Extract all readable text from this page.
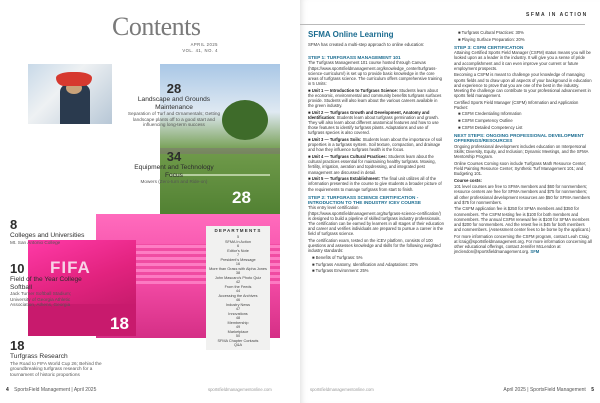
Contents
APRIL 2025
VOL. 41, NO. 4
28
FIFA
18
28
Landscape and Grounds Maintenance
Separation of Turf and Ornamentals; Getting landscape plants off to a good start and influencing long-term success
34
Equipment and Technology Focus
Mowers (Zero-turn and Ride-on)
8
Colleges and Universities
Mt. San Antonio College
10
Field of the Year College Softball
Jack Turner Softball Stadium; University of Georgia Athletic Association, Athens, Georgia
18
Turfgrass Research
The Road to FIFA World Cup 26; Behind the groundbreaking turfgrass research for a tournament of historic proportions
DEPARTMENTS
5
SFMA In Action
6
Editor's Note
7
President's Message
16
More than Grass with Alpha Jones
38
John Mascaro's Photo Quiz
42
From the Feeds
44
Accessing the Archives
46
Industry News
47
Innovations
48
Membership
49
Marketplace
50
SFMA Chapter Contacts
Q&A
4 SportsField Management | April 2025	sportsfieldmanagementonline.com
SFMA IN ACTION
SFMA Online Learning
SFMA has created a multi-step approach to online education:
STEP 1: TURFGRASS MANAGEMENT 101

The Turfgrass Management 101 course hosted through Canvas (https://www.sportsfieldmanagement.org/knowledge_center/turfgrass-science-curriculum/) is set up to provide basic knowledge in the core areas of turfgrass science. The curriculum offers comprehensive training in 5 Units:

■ Unit 1 — Introduction to Turfgrass Science: Students learn about the economic, environmental and community benefits turfgrass surfaces provide. Students will also learn about the various careers available in the green industry.

■ Unit 2 — Turfgrass Growth and Development, Anatomy and Identification: Students learn about turfgrass germination and growth. They will also learn about different anatomical features and how to use those features to identify turfgrass plants. Adaptations and use of turfgrass species is also covered.

■ Unit 3 — Turfgrass Soils: Students learn about the importance of soil properties in a turfgrass system. Soil texture, compaction, and drainage and how they influence turfgrass health is the focus.

■ Unit 4 — Turfgrass Cultural Practices: Students learn about the cultural practices essential for maintaining healthy turfgrass. Mowing, fertility, irrigation, aeration and topdressing, and integrated pest management are discussed in detail.

■ Unit 5 — Turfgrass Establishment: The final unit utilizes all of the information presented in the course to give students a broader picture of the requirements to manage turfgrass from start to finish.

STEP 2: TURFGRASS SCIENCE CERTIFICATION - INTRODUCTION TO THE INDUSTRY ICEV COURSE

This entry level certification (https://www.sportsfieldmanagement.org/turfgrass-science-certification/) is designed to build a pipeline of skilled turfgrass industry professionals. The certification can be earned by learners in all stages of their education and career and verifies individuals are prepared to pursue a career in the field of turfgrass science.

The certification exam, tested on the iCEV platform, consists of 100 questions and assesses knowledge and skills for the following weighted industry standards:

■ Benefits of Turfgrass: 5%

■ Turfgrass Anatomy, Identification and Adaptations: 20%

■ Turfgrass Environment: 25%

■ Turfgrass Cultural Practices: 30%

■ Playing Surface Preparation: 20%

STEP 3: CSFM CERTIFICATION

Attaining Certified Sports Field Manager (CSFM) status means you will be looked upon as a leader in the industry. It will give you a sense of pride and accomplishment and it can even improve your current or future employment prospects.

Becoming a CSFM is meant to challenge your knowledge of managing sports fields and to draw upon all aspects of your background in education and experience to prove that you are one of the best in the industry. Meeting the challenge can contribute to your professional advancement in sports field management.

Certified Sports Field Manager (CSFM) Information and Application Packet:

■ CSFM Credentialing Information

■ CSFM Competency Outline

■ CSFM Detailed Competency List

NEXT STEPS: ONGOING PROFESSIONAL DEVELOPMENT OFFERINGS/RESOURCES

Ongoing professional development includes education on Interpersonal Skills; Diversity, Equity, and Inclusion; Dynamic Meetings, and the SFMA Mentorship Program.

Online Courses Coming soon include Turfgrass Math Resource Center; Field Painting Resource Center; Synthetic Turf Management 101; and Budgeting 101.

Course costs:

101 level courses are free to SFMA members and $60 for nonmembers; resource centers are free for SFMA members and $75 for nonmembers; all other professional development resources are $50 for SFMA members and $75 for nonmembers.

The CSFM application fee is $250 for SFMA members and $350 for nonmembers. The CSFM testing fee is $100 for both members and nonmembers. The annual CSFM renewal fee is $100 for SFMA members and $200 for nonmembers. And the retest fee is $45 for both members and nonmembers. (Assessment center fees to be borne by the applicant.)

For more information concerning the CSFM program, contact Leah Craig at lcraig@sportsfieldmanagement.org. For more information concerning all other educational offerings, contact Jennifer McLendon at jmclendon@sportsfieldmanagement.org. SFM

sportsfieldmanagementonline.com	April 2025 | SportsField Management 5
